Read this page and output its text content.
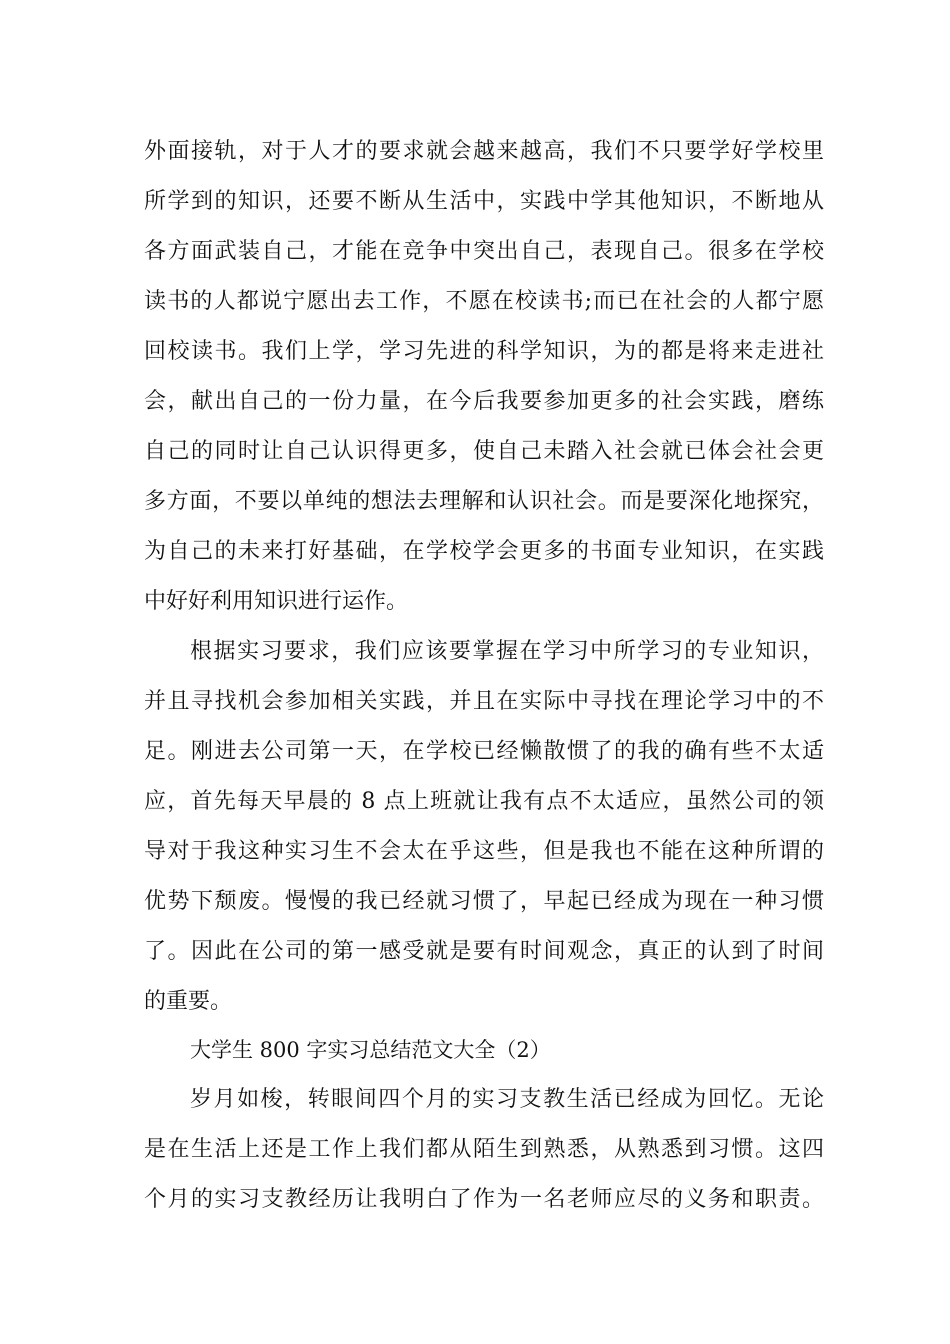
外面接轨，对于人才的要求就会越来越高，我们不只要学好学校里
所学到的知识，还要不断从生活中，实践中学其他知识，不断地从
各方面武装自己，才能在竞争中突出自己，表现自己。很多在学校
读书的人都说宁愿出去工作，不愿在校读书;而已在社会的人都宁愿
回校读书。我们上学，学习先进的科学知识，为的都是将来走进社
会，献出自己的一份力量，在今后我要参加更多的社会实践，磨练
自己的同时让自己认识得更多，使自己未踏入社会就已体会社会更
多方面，不要以单纯的想法去理解和认识社会。而是要深化地探究，
为自己的未来打好基础，在学校学会更多的书面专业知识，在实践
中好好利用知识进行运作。
根据实习要求，我们应该要掌握在学习中所学习的专业知识，
并且寻找机会参加相关实践，并且在实际中寻找在理论学习中的不
足。刚进去公司第一天，在学校已经懒散惯了的我的确有些不太适
应，首先每天早晨的 8 点上班就让我有点不太适应，虽然公司的领
导对于我这种实习生不会太在乎这些，但是我也不能在这种所谓的
优势下颓废。慢慢的我已经就习惯了，早起已经成为现在一种习惯
了。因此在公司的第一感受就是要有时间观念，真正的认到了时间
的重要。
大学生 800 字实习总结范文大全（2）
岁月如梭，转眼间四个月的实习支教生活已经成为回忆。无论
是在生活上还是工作上我们都从陌生到熟悉，从熟悉到习惯。这四
个月的实习支教经历让我明白了作为一名老师应尽的义务和职责。
